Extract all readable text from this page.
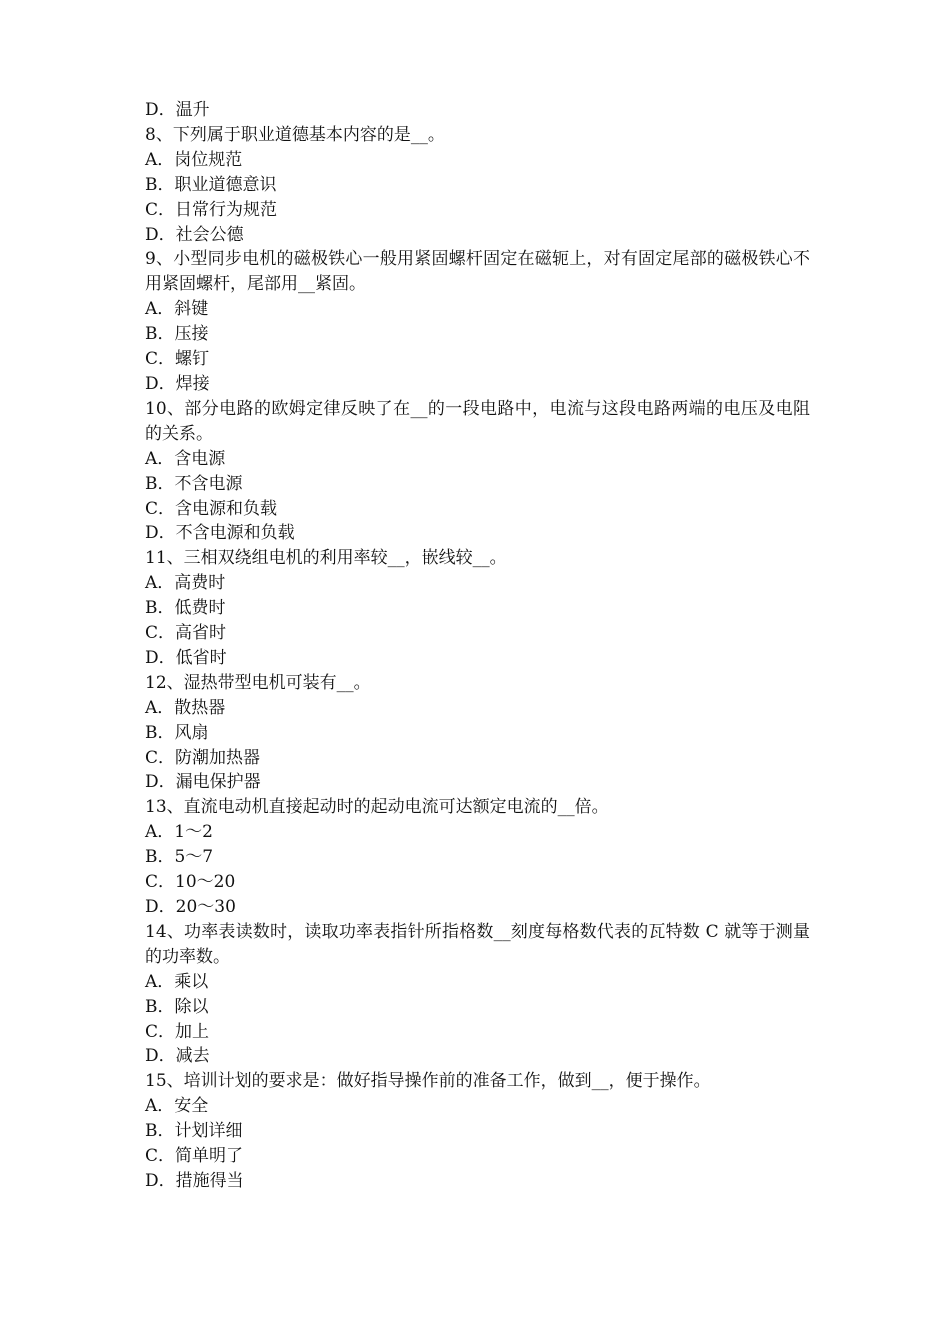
D．温升
8、下列属于职业道德基本内容的是__。
A．岗位规范
B．职业道德意识
C．日常行为规范
D．社会公德
9、小型同步电机的磁极铁心一般用紧固螺杆固定在磁轭上，对有固定尾部的磁极铁心不用紧固螺杆，尾部用__紧固。
A．斜键
B．压接
C．螺钉
D．焊接
10、部分电路的欧姆定律反映了在__的一段电路中，电流与这段电路两端的电压及电阻的关系。
A．含电源
B．不含电源
C．含电源和负载
D．不含电源和负载
11、三相双绕组电机的利用率较__，嵌线较__。
A．高费时
B．低费时
C．高省时
D．低省时
12、湿热带型电机可装有__。
A．散热器
B．风扇
C．防潮加热器
D．漏电保护器
13、直流电动机直接起动时的起动电流可达额定电流的__倍。
A．1～2
B．5～7
C．10～20
D．20～30
14、功率表读数时，读取功率表指针所指格数__刻度每格数代表的瓦特数 C 就等于测量的功率数。
A．乘以
B．除以
C．加上
D．减去
15、培训计划的要求是：做好指导操作前的准备工作，做到__，便于操作。
A．安全
B．计划详细
C．简单明了
D．措施得当
